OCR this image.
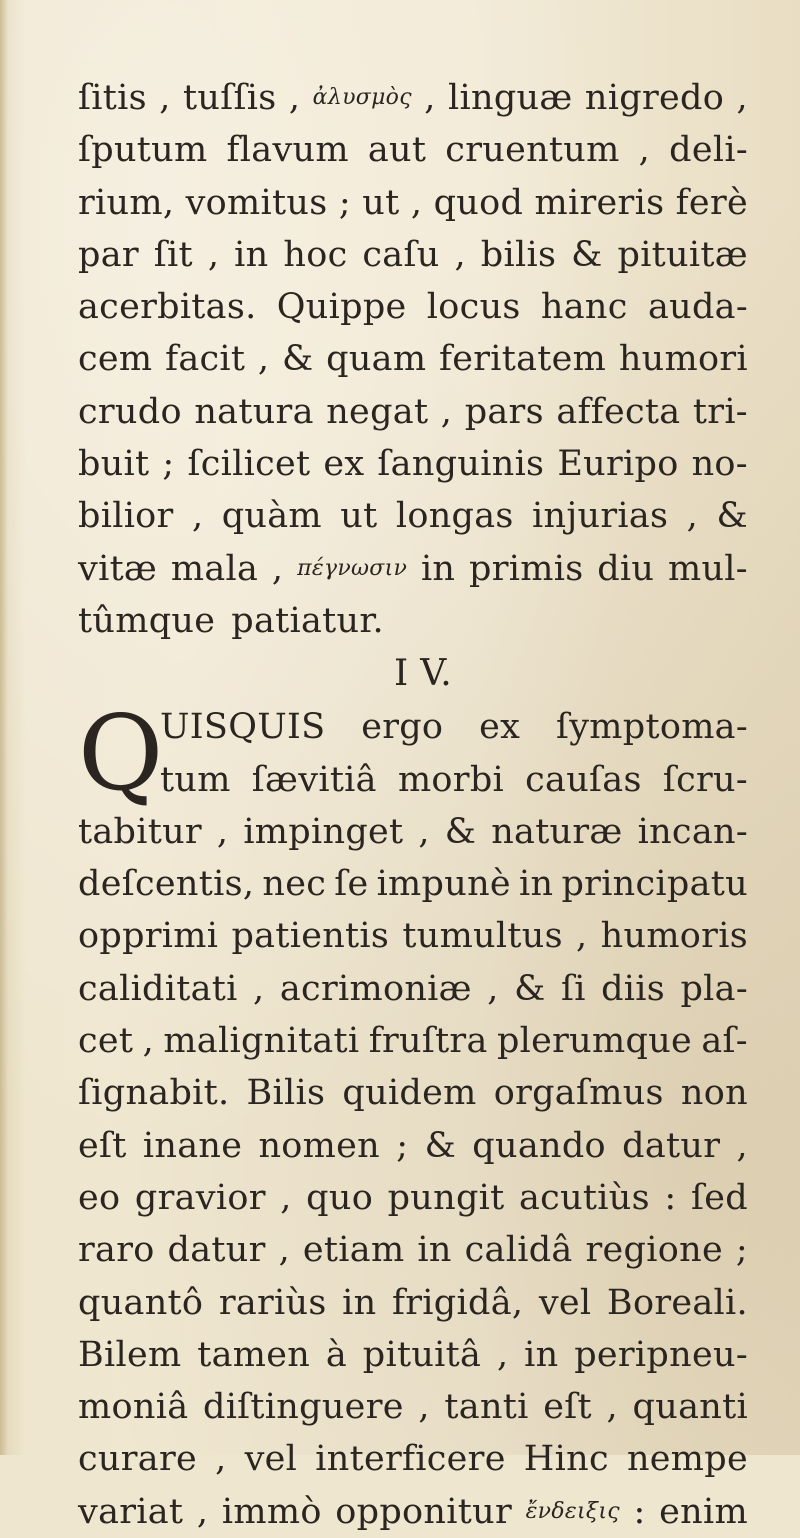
ſitis , tuſſis , ἀλυσμὸς , linguæ nigredo ,
ſputum flavum aut cruentum , deli-
rium, vomitus ; ut , quod mireris ferè
par ſit , in hoc caſu , bilis & pituitæ
acerbitas. Quippe locus hanc auda-
cem facit , & quam feritatem humori
crudo natura negat , pars affecta tri-
buit ; ſcilicet ex ſanguinis Euripo no-
bilior , quàm ut longas injurias , &
vitæ mala , πέγνωσιν in primis diu mul-
tûmque patiatur.
I V.
Q
UISQUIS ergo ex ſymptoma-
tum ſævitiâ morbi cauſas ſcru-
tabitur , impinget , & naturæ incan-
deſcentis, nec ſe impunè in principatu
opprimi patientis tumultus , humoris
caliditati , acrimoniæ , & ſi diis pla-
cet , malignitati fruſtra plerumque aſ-
ſignabit. Bilis quidem orgaſmus non
eſt inane nomen ; & quando datur ,
eo gravior , quo pungit acutiùs : ſed
raro datur , etiam in calidâ regione ;
quantô rariùs in frigidâ, vel Boreali.
Bilem tamen à pituitâ , in peripneu-
moniâ diſtinguere , tanti eſt , quanti
curare , vel interficere Hinc nempe
variat , immò opponitur ἔνδειξις : enim
